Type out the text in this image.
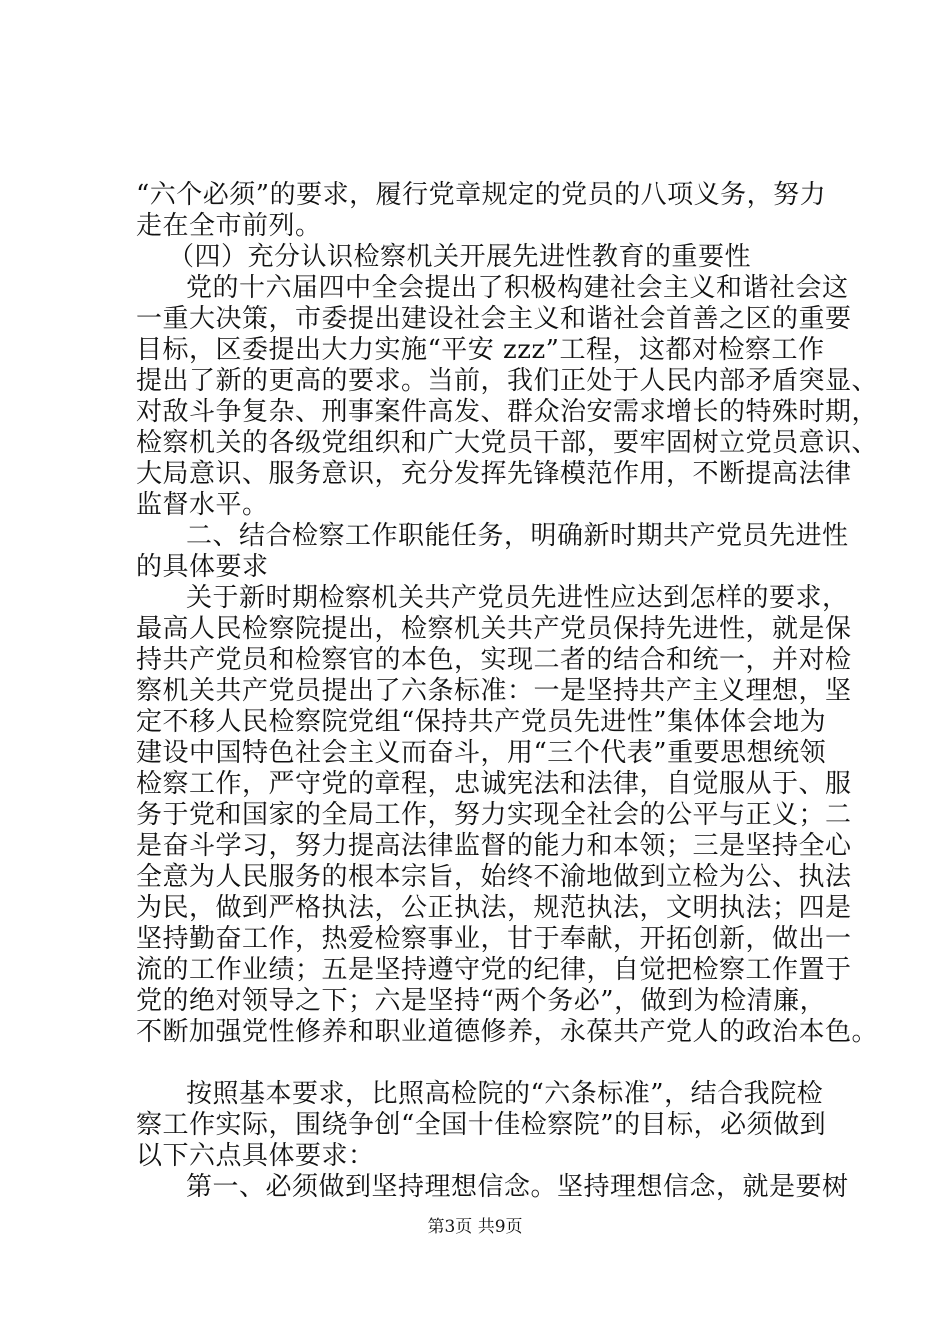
“六个必须”的要求，履行党章规定的党员的八项义务，努力
走在全市前列。
（四）充分认识检察机关开展先进性教育的重要性
党的十六届四中全会提出了积极构建社会主义和谐社会这
一重大决策，市委提出建设社会主义和谐社会首善之区的重要
目标，区委提出大力实施“平安 zzz”工程，这都对检察工作
提出了新的更高的要求。当前，我们正处于人民内部矛盾突显、
对敌斗争复杂、刑事案件高发、群众治安需求增长的特殊时期，
检察机关的各级党组织和广大党员干部，要牢固树立党员意识、
大局意识、服务意识，充分发挥先锋模范作用，不断提高法律
监督水平。
二、结合检察工作职能任务，明确新时期共产党员先进性
的具体要求
关于新时期检察机关共产党员先进性应达到怎样的要求，
最高人民检察院提出，检察机关共产党员保持先进性，就是保
持共产党员和检察官的本色，实现二者的结合和统一，并对检
察机关共产党员提出了六条标准：一是坚持共产主义理想，坚
定不移人民检察院党组“保持共产党员先进性”集体体会地为
建设中国特色社会主义而奋斗，用“三个代表”重要思想统领
检察工作，严守党的章程，忠诚宪法和法律，自觉服从于、服
务于党和国家的全局工作，努力实现全社会的公平与正义；二
是奋斗学习，努力提高法律监督的能力和本领；三是坚持全心
全意为人民服务的根本宗旨，始终不渝地做到立检为公、执法
为民，做到严格执法，公正执法，规范执法，文明执法；四是
坚持勤奋工作，热爱检察事业，甘于奉献，开拓创新，做出一
流的工作业绩；五是坚持遵守党的纪律，自觉把检察工作置于
党的绝对领导之下；六是坚持“两个务必”，做到为检清廉，
不断加强党性修养和职业道德修养，永葆共产党人的政治本色。
按照基本要求，比照高检院的“六条标准”，结合我院检
察工作实际，围绕争创“全国十佳检察院”的目标，必须做到
以下六点具体要求：
第一、必须做到坚持理想信念。坚持理想信念，就是要树
第3页 共9页
